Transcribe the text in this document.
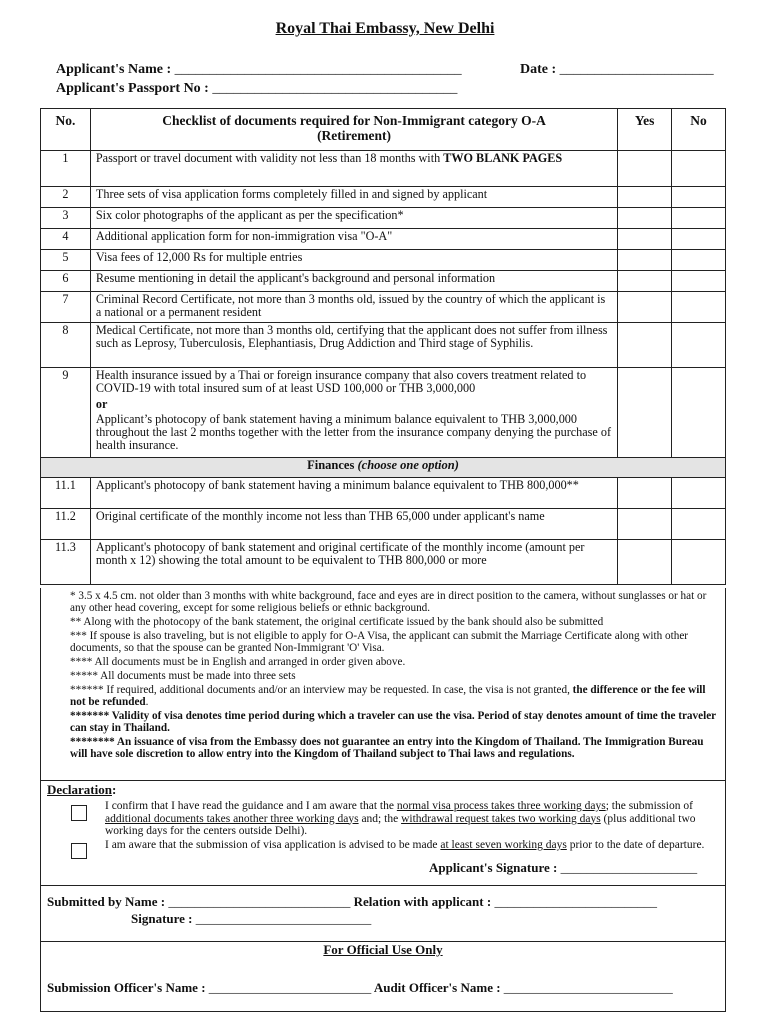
Royal Thai Embassy, New Delhi
Applicant's Name : _________________________________________	Date : ______________________
Applicant's Passport No : ___________________________________
No.	Checklist of documents required for Non-Immigrant category O-A (Retirement)	Yes	No
1	Passport or travel document with validity not less than 18 months with TWO BLANK PAGES		
2	Three sets of visa application forms completely filled in and signed by applicant		
3	Six color photographs of the applicant as per the specification*		
4	Additional application form for non-immigration visa "O-A"		
5	Visa fees of 12,000 Rs for multiple entries		
6	Resume mentioning in detail the applicant's background and personal information		
7	Criminal Record Certificate, not more than 3 months old, issued by the country of which the applicant is a national or a permanent resident		
8	Medical Certificate, not more than 3 months old, certifying that the applicant does not suffer from illness such as Leprosy, Tuberculosis, Elephantiasis, Drug Addiction and Third stage of Syphilis.		
9	Health insurance issued by a Thai or foreign insurance company that also covers treatment related to COVID-19 with total insured sum of at least USD 100,000 or THB 3,000,000
or
Applicant’s photocopy of bank statement having a minimum balance equivalent to THB 3,000,000 throughout the last 2 months together with the letter from the insurance company denying the purchase of health insurance.		

Finances (choose one option)			
11.1	Applicant's photocopy of bank statement having a minimum balance equivalent to THB 800,000**		
11.2	Original certificate of the monthly income not less than THB 65,000 under applicant's name		
11.3	Applicant's photocopy of bank statement and original certificate of the monthly income (amount per month x 12) showing the total amount to be equivalent to THB 800,000 or more		

* 3.5 x 4.5 cm. not older than 3 months with white background, face and eyes are in direct position to the camera, without sunglasses or hat or any other head covering, except for some religious beliefs or ethnic background.

** Along with the photocopy of the bank statement, the original certificate issued by the bank should also be submitted

*** If spouse is also traveling, but is not eligible to apply for O-A Visa, the applicant can submit the Marriage Certificate along with other documents, so that the spouse can be granted Non-Immigrant 'O' Visa.

**** All documents must be in English and arranged in order given above.

***** All documents must be made into three sets

****** If required, additional documents and/or an interview may be requested. In case, the visa is not granted, the difference or the fee will not be refunded.

******* Validity of visa denotes time period during which a traveler can use the visa. Period of stay denotes amount of time the traveler can stay in Thailand.

******** An issuance of visa from the Embassy does not guarantee an entry into the Kingdom of Thailand. The Immigration Bureau will have sole discretion to allow entry into the Kingdom of Thailand subject to Thai laws and regulations.

Declaration:
I confirm that I have read the guidance and I am aware that the normal visa process takes three working days; the submission of additional documents takes another three working days and; the withdrawal request takes two working days (plus additional two working days for the centers outside Delhi).
I am aware that the submission of visa application is advised to be made at least seven working days prior to the date of departure.
Applicant's Signature : _____________________
Submitted by Name : ____________________________ Relation with applicant : _________________________
Signature : ___________________________
For Official Use Only
Submission Officer's Name : _________________________ Audit Officer's Name : __________________________
